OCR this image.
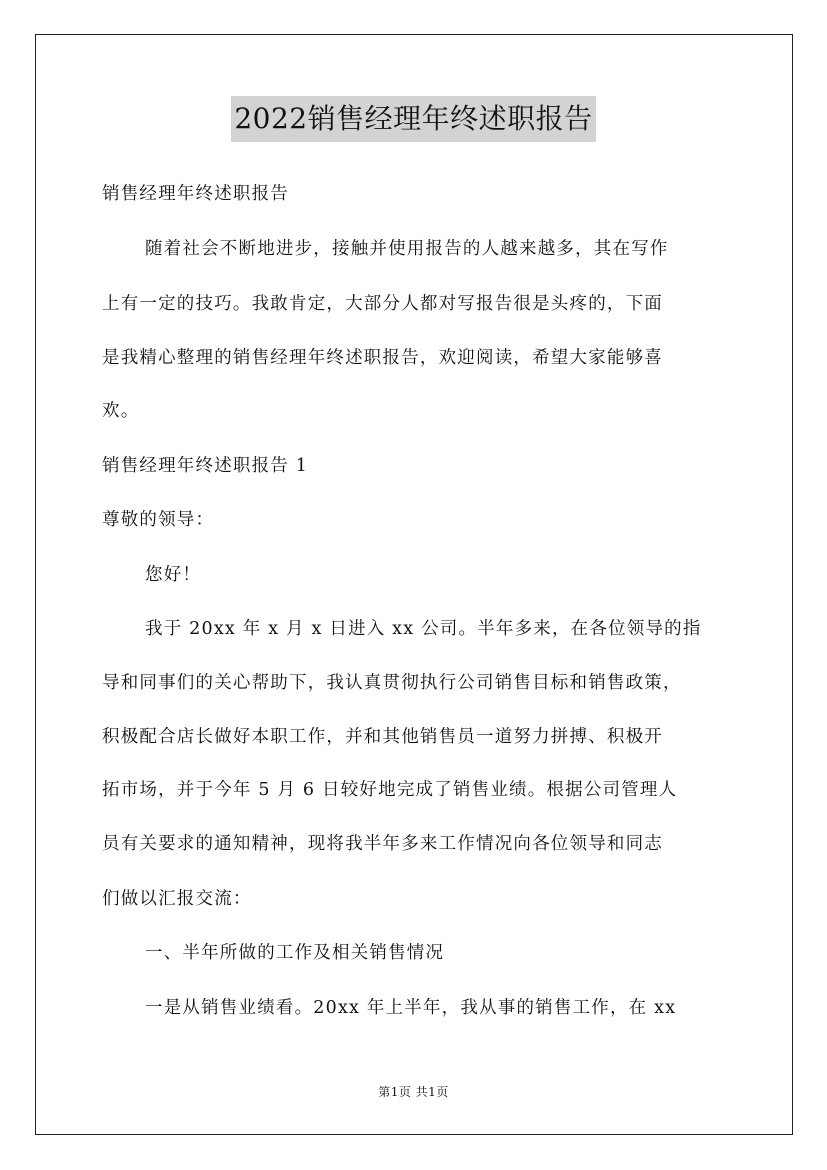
2022销售经理年终述职报告
销售经理年终述职报告
随着社会不断地进步，接触并使用报告的人越来越多，其在写作
上有一定的技巧。我敢肯定，大部分人都对写报告很是头疼的，下面
是我精心整理的销售经理年终述职报告，欢迎阅读，希望大家能够喜
欢。
销售经理年终述职报告 1
尊敬的领导：
您好！
我于 20xx 年 x 月 x 日进入 xx 公司。半年多来，在各位领导的指
导和同事们的关心帮助下，我认真贯彻执行公司销售目标和销售政策，
积极配合店长做好本职工作，并和其他销售员一道努力拼搏、积极开
拓市场，并于今年 5 月 6 日较好地完成了销售业绩。根据公司管理人
员有关要求的通知精神，现将我半年多来工作情况向各位领导和同志
们做以汇报交流：
一、半年所做的工作及相关销售情况
一是从销售业绩看。20xx 年上半年，我从事的销售工作，在 xx
第1页 共1页
